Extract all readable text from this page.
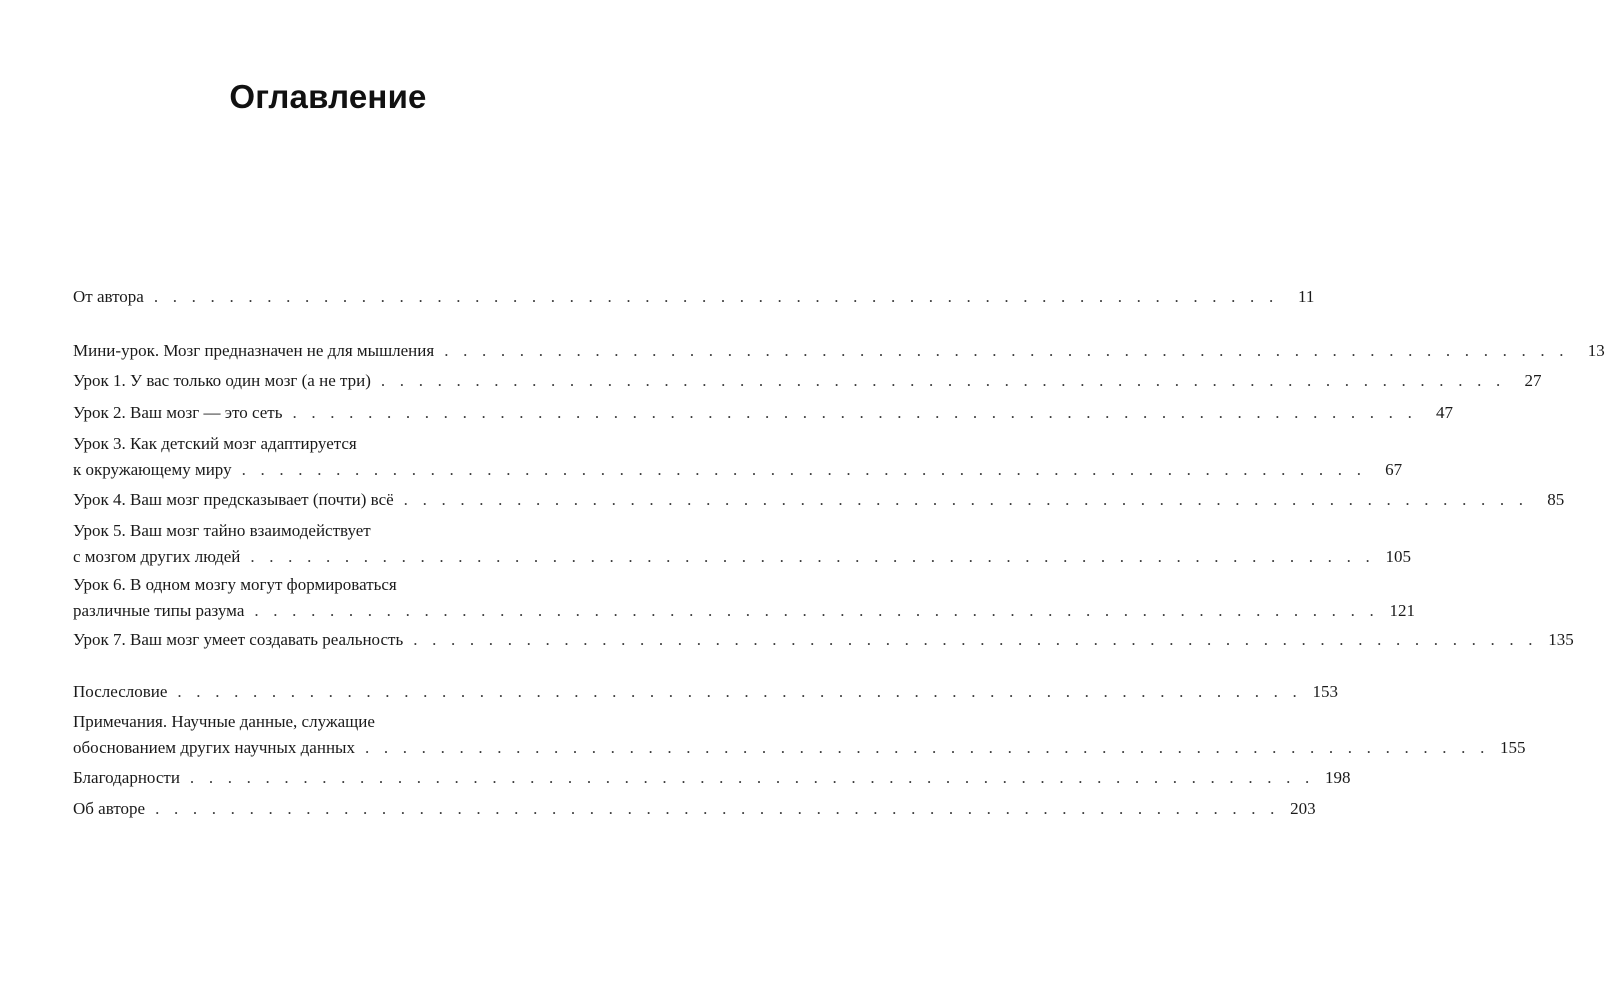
Оглавление
От автора . . . . . . . . . . . . . . . . . . . . . . . . . . . . . . . . . . . . . . . . . . . . . . . . . . . . . . . . . . . .	11
Мини-урок. Мозг предназначен не для мышления . . . . . . . . . . . . . . . . . . . . . . . . . . . . . . . . . . . . . . . . . . . . . . . . . . . . . . . . . . . .	13
Урок 1. У вас только один мозг (а не три) . . . . . . . . . . . . . . . . . . . . . . . . . . . . . . . . . . . . . . . . . . . . . . . . . . . . . . . . . . . .	27
Урок 2. Ваш мозг — это сеть . . . . . . . . . . . . . . . . . . . . . . . . . . . . . . . . . . . . . . . . . . . . . . . . . . . . . . . . . . . .	47
Урок 3. Как детский мозг адаптируется
к окружающему миру . . . . . . . . . . . . . . . . . . . . . . . . . . . . . . . . . . . . . . . . . . . . . . . . . . . . . . . . . . . .	67
Урок 4. Ваш мозг предсказывает (почти) всё . . . . . . . . . . . . . . . . . . . . . . . . . . . . . . . . . . . . . . . . . . . . . . . . . . . . . . . . . . . .	85
Урок 5. Ваш мозг тайно взаимодействует
с мозгом других людей . . . . . . . . . . . . . . . . . . . . . . . . . . . . . . . . . . . . . . . . . . . . . . . . . . . . . . . . . . . . 105
Урок 6. В одном мозгу могут формироваться
различные типы разума . . . . . . . . . . . . . . . . . . . . . . . . . . . . . . . . . . . . . . . . . . . . . . . . . . . . . . . . . . . . 121
Урок 7. Ваш мозг умеет создавать реальность . . . . . . . . . . . . . . . . . . . . . . . . . . . . . . . . . . . . . . . . . . . . . . . . . . . . . . . . . . . . 135
Послесловие . . . . . . . . . . . . . . . . . . . . . . . . . . . . . . . . . . . . . . . . . . . . . . . . . . . . . . . . . . . . 153
Примечания. Научные данные, служащие
обоснованием других научных данных . . . . . . . . . . . . . . . . . . . . . . . . . . . . . . . . . . . . . . . . . . . . . . . . . . . . . . . . . . . . 155
Благодарности . . . . . . . . . . . . . . . . . . . . . . . . . . . . . . . . . . . . . . . . . . . . . . . . . . . . . . . . . . . . 198
Об авторе . . . . . . . . . . . . . . . . . . . . . . . . . . . . . . . . . . . . . . . . . . . . . . . . . . . . . . . . . . . . 203
